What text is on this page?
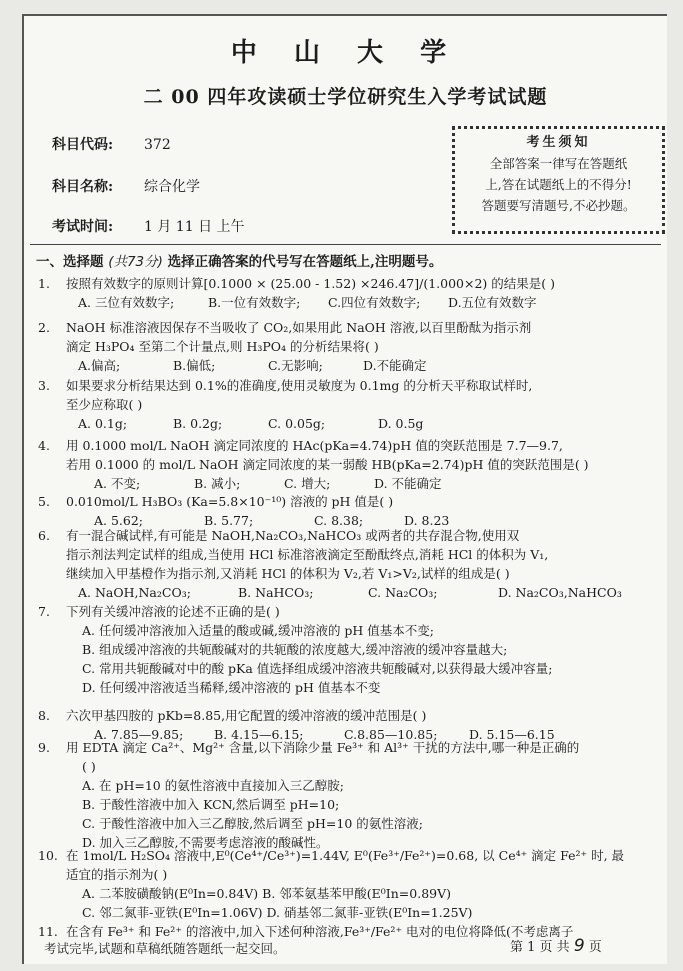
中 山 大 学
二 00 四年攻读硕士学位研究生入学考试试题
科目代码: 372
科目名称: 综合化学
考试时间: 1 月 11 日 上午
考生须知
全部答案一律写在答题纸
上,答在试题纸上的不得分!
答题要写清题号,不必抄题。
一、选择题 (共73分) 选择正确答案的代号写在答题纸上,注明题号。
1. 按照有效数字的原则计算[0.1000 × (25.00 - 1.52) ×246.47]/(1.000×2) 的结果是( )
A. 三位有效数字;	B.一位有效数字; C.四位有效数字; D.五位有效数字
2. NaOH 标准溶液因保存不当吸收了 CO₂,如果用此 NaOH 溶液,以百里酚酞为指示剂
滴定 H₃PO₄ 至第二个计量点,则 H₃PO₄ 的分析结果将( )
A.偏高;	B.偏低;	C.无影响;	D.不能确定
3. 如果要求分析结果达到 0.1%的准确度,使用灵敏度为 0.1mg 的分析天平称取试样时,
至少应称取( )
A. 0.1g;	B. 0.2g;	C. 0.05g;	D. 0.5g
4. 用 0.1000 mol/L NaOH 滴定同浓度的 HAc(pKa=4.74)pH 值的突跃范围是 7.7—9.7,
若用 0.1000 的 mol/L NaOH 滴定同浓度的某一弱酸 HB(pKa=2.74)pH 值的突跃范围是( )
A. 不变;	B. 减小;	C. 增大;	D. 不能确定
5. 0.010mol/L H₃BO₃ (Ka=5.8×10⁻¹⁰) 溶液的 pH 值是( )
A. 5.62;	B. 5.77;	C. 8.38;	D. 8.23
6. 有一混合碱试样,有可能是 NaOH,Na₂CO₃,NaHCO₃ 或两者的共存混合物,使用双
指示剂法判定试样的组成,当使用 HCl 标准溶液滴定至酚酞终点,消耗 HCl 的体积为 V₁,
继续加入甲基橙作为指示剂,又消耗 HCl 的体积为 V₂,若 V₁>V₂,试样的组成是( )
A. NaOH,Na₂CO₃;	B. NaHCO₃;	C. Na₂CO₃;	D. Na₂CO₃,NaHCO₃
7. 下列有关缓冲溶液的论述不正确的是( )
A. 任何缓冲溶液加入适量的酸或碱,缓冲溶液的 pH 值基本不变;
B. 组成缓冲溶液的共轭酸碱对的共轭酸的浓度越大,缓冲溶液的缓冲容量越大;
C. 常用共轭酸碱对中的酸 pKa 值选择组成缓冲溶液共轭酸碱对,以获得最大缓冲容量;
D. 任何缓冲溶液适当稀释,缓冲溶液的 pH 值基本不变
8. 六次甲基四胺的 pKb=8.85,用它配置的缓冲溶液的缓冲范围是( )
A. 7.85—9.85; B. 4.15—6.15;	C.8.85—10.85;	D. 5.15—6.15
9. 用 EDTA 滴定 Ca²⁺、Mg²⁺ 含量,以下消除少量 Fe³⁺ 和 Al³⁺ 干扰的方法中,哪一种是正确的
( )
A. 在 pH=10 的氨性溶液中直接加入三乙醇胺;
B. 于酸性溶液中加入 KCN,然后调至 pH=10;
C. 于酸性溶液中加入三乙醇胺,然后调至 pH=10 的氨性溶液;
D. 加入三乙醇胺,不需要考虑溶液的酸碱性。
10. 在 1mol/L H₂SO₄ 溶液中,E⁰(Ce⁴⁺/Ce³⁺)=1.44V, E⁰(Fe³⁺/Fe²⁺)=0.68, 以 Ce⁴⁺ 滴定 Fe²⁺ 时, 最
适宜的指示剂为( )
A. 二苯胺磺酸钠(E⁰In=0.84V) B. 邻苯氨基苯甲酸(E⁰In=0.89V)
C. 邻二氮菲-亚铁(E⁰In=1.06V) D. 硝基邻二氮菲-亚铁(E⁰In=1.25V)
11. 在含有 Fe³⁺ 和 Fe²⁺ 的溶液中,加入下述何种溶液,Fe³⁺/Fe²⁺ 电对的电位将降低(不考虑离子
考试完毕,试题和草稿纸随答题纸一起交回。	第 1 页 共 9 页
